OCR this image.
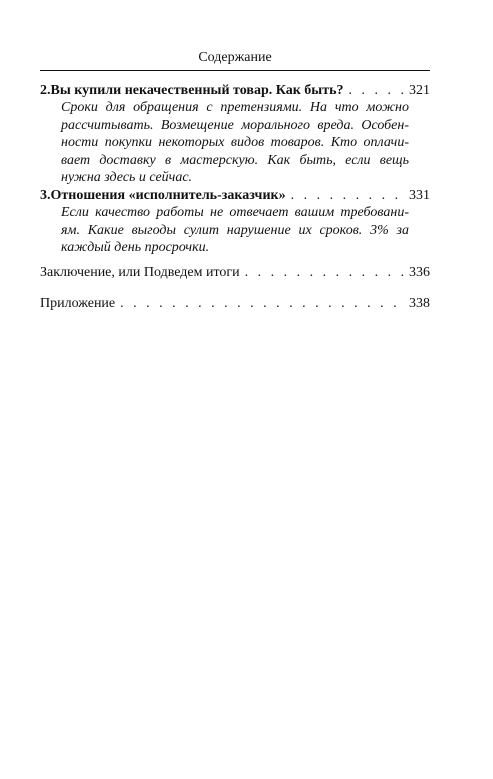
Содержание
2. Вы купили некачественный товар. Как быть? . . .	321
Сроки для обращения с претензиями. На что можно
рассчитывать. Возмещение морального вреда. Особен-
ности покупки некоторых видов товаров. Кто оплачи-
вает доставку в мастерскую. Как быть, если вещь
нужна здесь и сейчас.
3. Отношения «исполнитель-заказчик» . . .	331
Если качество работы не отвечает вашим требовани-
ям. Какие выгоды сулит нарушение их сроков. 3% за
каждый день просрочки.
Заключение, или Подведем итоги . . .	336
Приложение . . .	338
